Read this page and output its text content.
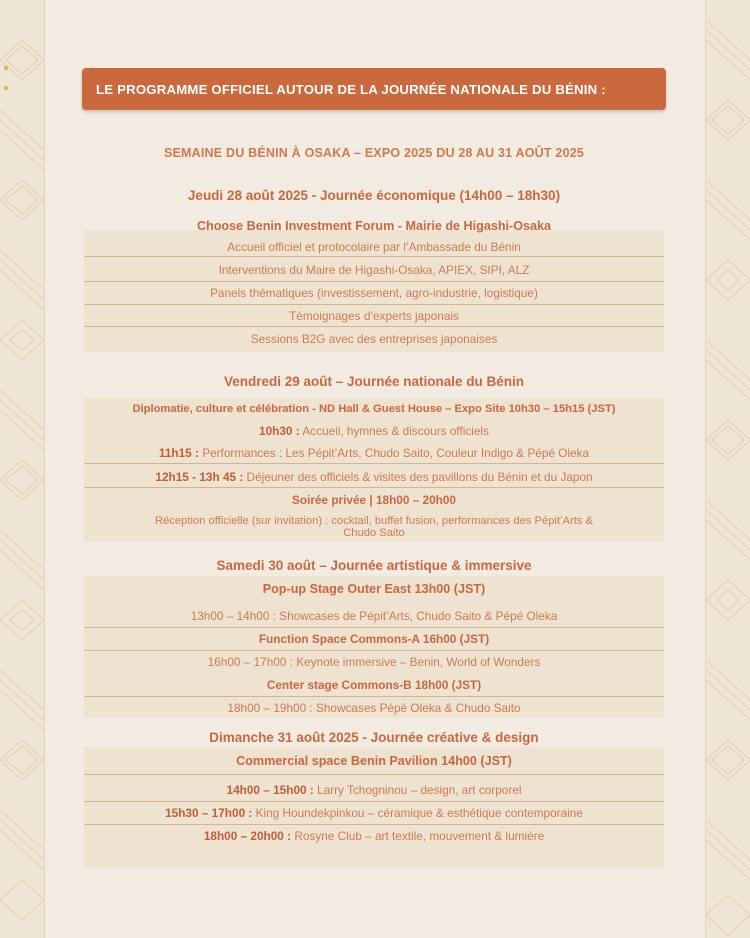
LE PROGRAMME OFFICIEL AUTOUR DE LA JOURNÉE NATIONALE DU BÉNIN :
SEMAINE DU BÉNIN À OSAKA – EXPO 2025 DU 28 AU 31 AOÛT 2025
Jeudi 28 août 2025 - Journée économique (14h00 – 18h30)
Choose Benin Investment Forum - Mairie de Higashi-Osaka
Accueil officiel et protocolaire par l’Ambassade du Bénin
Interventions du Maire de Higashi-Osaka, APIEX, SIPI, ALZ
Panels thématiques (investissement, agro-industrie, logistique)
Témoignages d’experts japonais
Sessions B2G avec des entreprises japonaises
Vendredi 29 août – Journée nationale du Bénin
Diplomatie, culture et célébration - ND Hall & Guest House – Expo Site 10h30 – 15h15 (JST)
10h30 : Accueil, hymnes & discours officiels
11h15 : Performances : Les Pépit’Arts, Chudo Saito, Couleur Indigo & Pépé Oleka
12h15 - 13h 45 : Déjeuner des officiels & visites des pavillons du Bénin et du Japon
Soirée privée | 18h00 – 20h00
Réception officielle (sur invitation) : cocktail, buffet fusion, performances des Pépit’Arts &
Chudo Saito
Samedi 30 août – Journée artistique & immersive
Pop-up Stage Outer East 13h00 (JST)
13h00 – 14h00 : Showcases de Pépit’Arts, Chudo Saito & Pépé Oleka
Function Space Commons-A 16h00 (JST)
16h00 – 17h00 : Keynote immersive – Benin, World of Wonders
Center stage Commons-B 18h00 (JST)
18h00 – 19h00 : Showcases Pépé Oleka & Chudo Saito
Dimanche 31 août 2025 - Journée créative & design
Commercial space Benin Pavilion 14h00 (JST)
14h00 – 15h00 : Larry Tchogninou – design, art corporel
15h30 – 17h00 : King Houndekpinkou – céramique & esthétique contemporaine
18h00 – 20h00 : Rosyne Club – art textile, mouvement & lumière
